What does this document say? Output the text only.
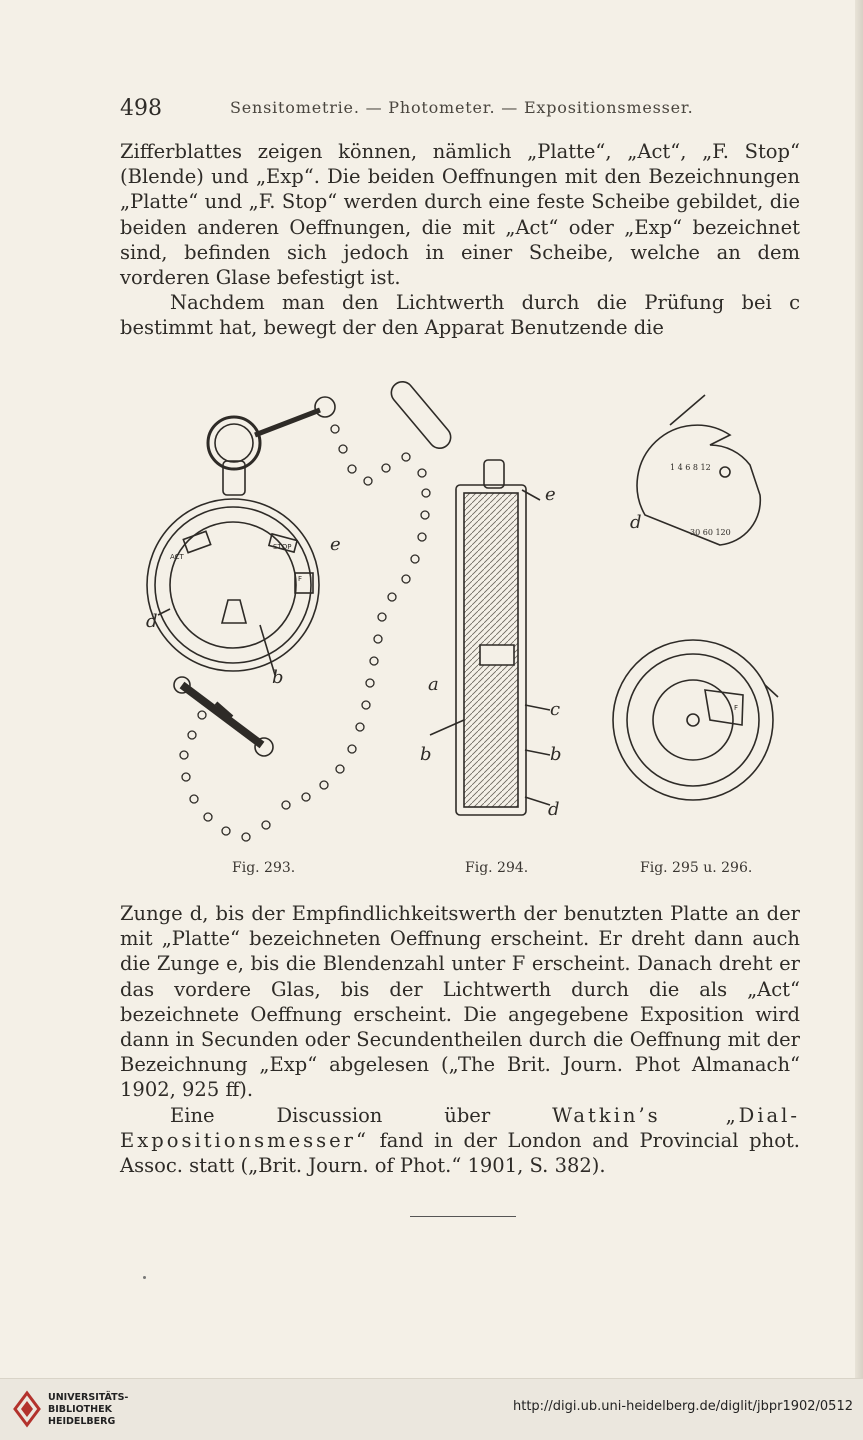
498	Sensitometrie. — Photometer. — Expositionsmesser.

Zifferblattes zeigen können, nämlich „Platte“, „Act“, „F. Stop“ (Blende) und „Exp“. Die beiden Oeffnungen mit den Bezeichnungen „Platte“ und „F. Stop“ werden durch eine feste Scheibe gebildet, die beiden anderen Oeffnungen, die mit „Act“ oder „Exp“ bezeichnet sind, befinden sich jedoch in einer Scheibe, welche an dem vorderen Glase befestigt ist.

Nachdem man den Lichtwerth durch die Prüfung bei c bestimmt hat, bewegt der den Apparat Benutzende die

1 4 6 8 12
30 60 120
e
d
b
e
a
c
b	b
d
d
ACT
STOP
F
F
Fig. 293.	Fig. 294.	Fig. 295 u. 296.

Zunge d, bis der Empfindlichkeitswerth der benutzten Platte an der mit „Platte“ bezeichneten Oeffnung erscheint. Er dreht dann auch die Zunge e, bis die Blendenzahl unter F erscheint. Danach dreht er das vordere Glas, bis der Lichtwerth durch die als „Act“ bezeichnete Oeffnung erscheint. Die angegebene Exposition wird dann in Secunden oder Secundentheilen durch die Oeffnung mit der Bezeichnung „Exp“ abgelesen („The Brit. Journ. Phot Almanach“ 1902, 925 ff).

Eine Discussion über Watkin’s „Dial-Expositionsmesser“ fand in der London and Provincial phot. Assoc. statt („Brit. Journ. of Phot.“ 1901, S. 382).

UNIVERSITÄTS-
BIBLIOTHEK
HEIDELBERG
http://digi.ub.uni-heidelberg.de/diglit/jbpr1902/0512
